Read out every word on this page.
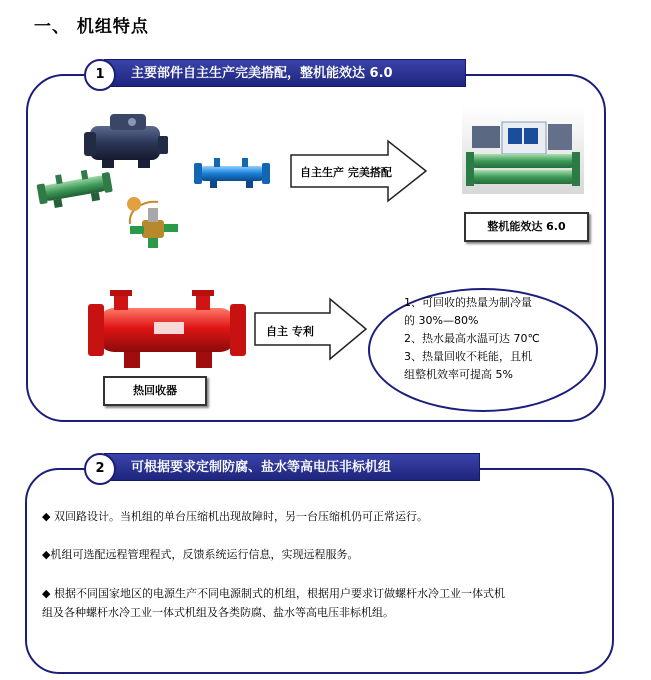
一、 机组特点
主要部件自主生产完美搭配，整机能效达 6.0
1
自主生产 完美搭配
整机能效达 6.0
热回收器
自主 专利
1、可回收的热量为制冷量
的 30%—80%
2、热水最高水温可达 70℃
3、热量回收不耗能，且机
组整机效率可提高 5%
可根据要求定制防腐、盐水等高电压非标机组
2
◆ 双回路设计。当机组的单台压缩机出现故障时，另一台压缩机仍可正常运行。
◆机组可选配远程管理程式，反馈系统运行信息，实现远程服务。
◆ 根据不同国家地区的电源生产不同电源制式的机组，根据用户要求订做螺杆水冷工业一体式机
组及各种螺杆水冷工业一体式机组及各类防腐、盐水等高电压非标机组。
